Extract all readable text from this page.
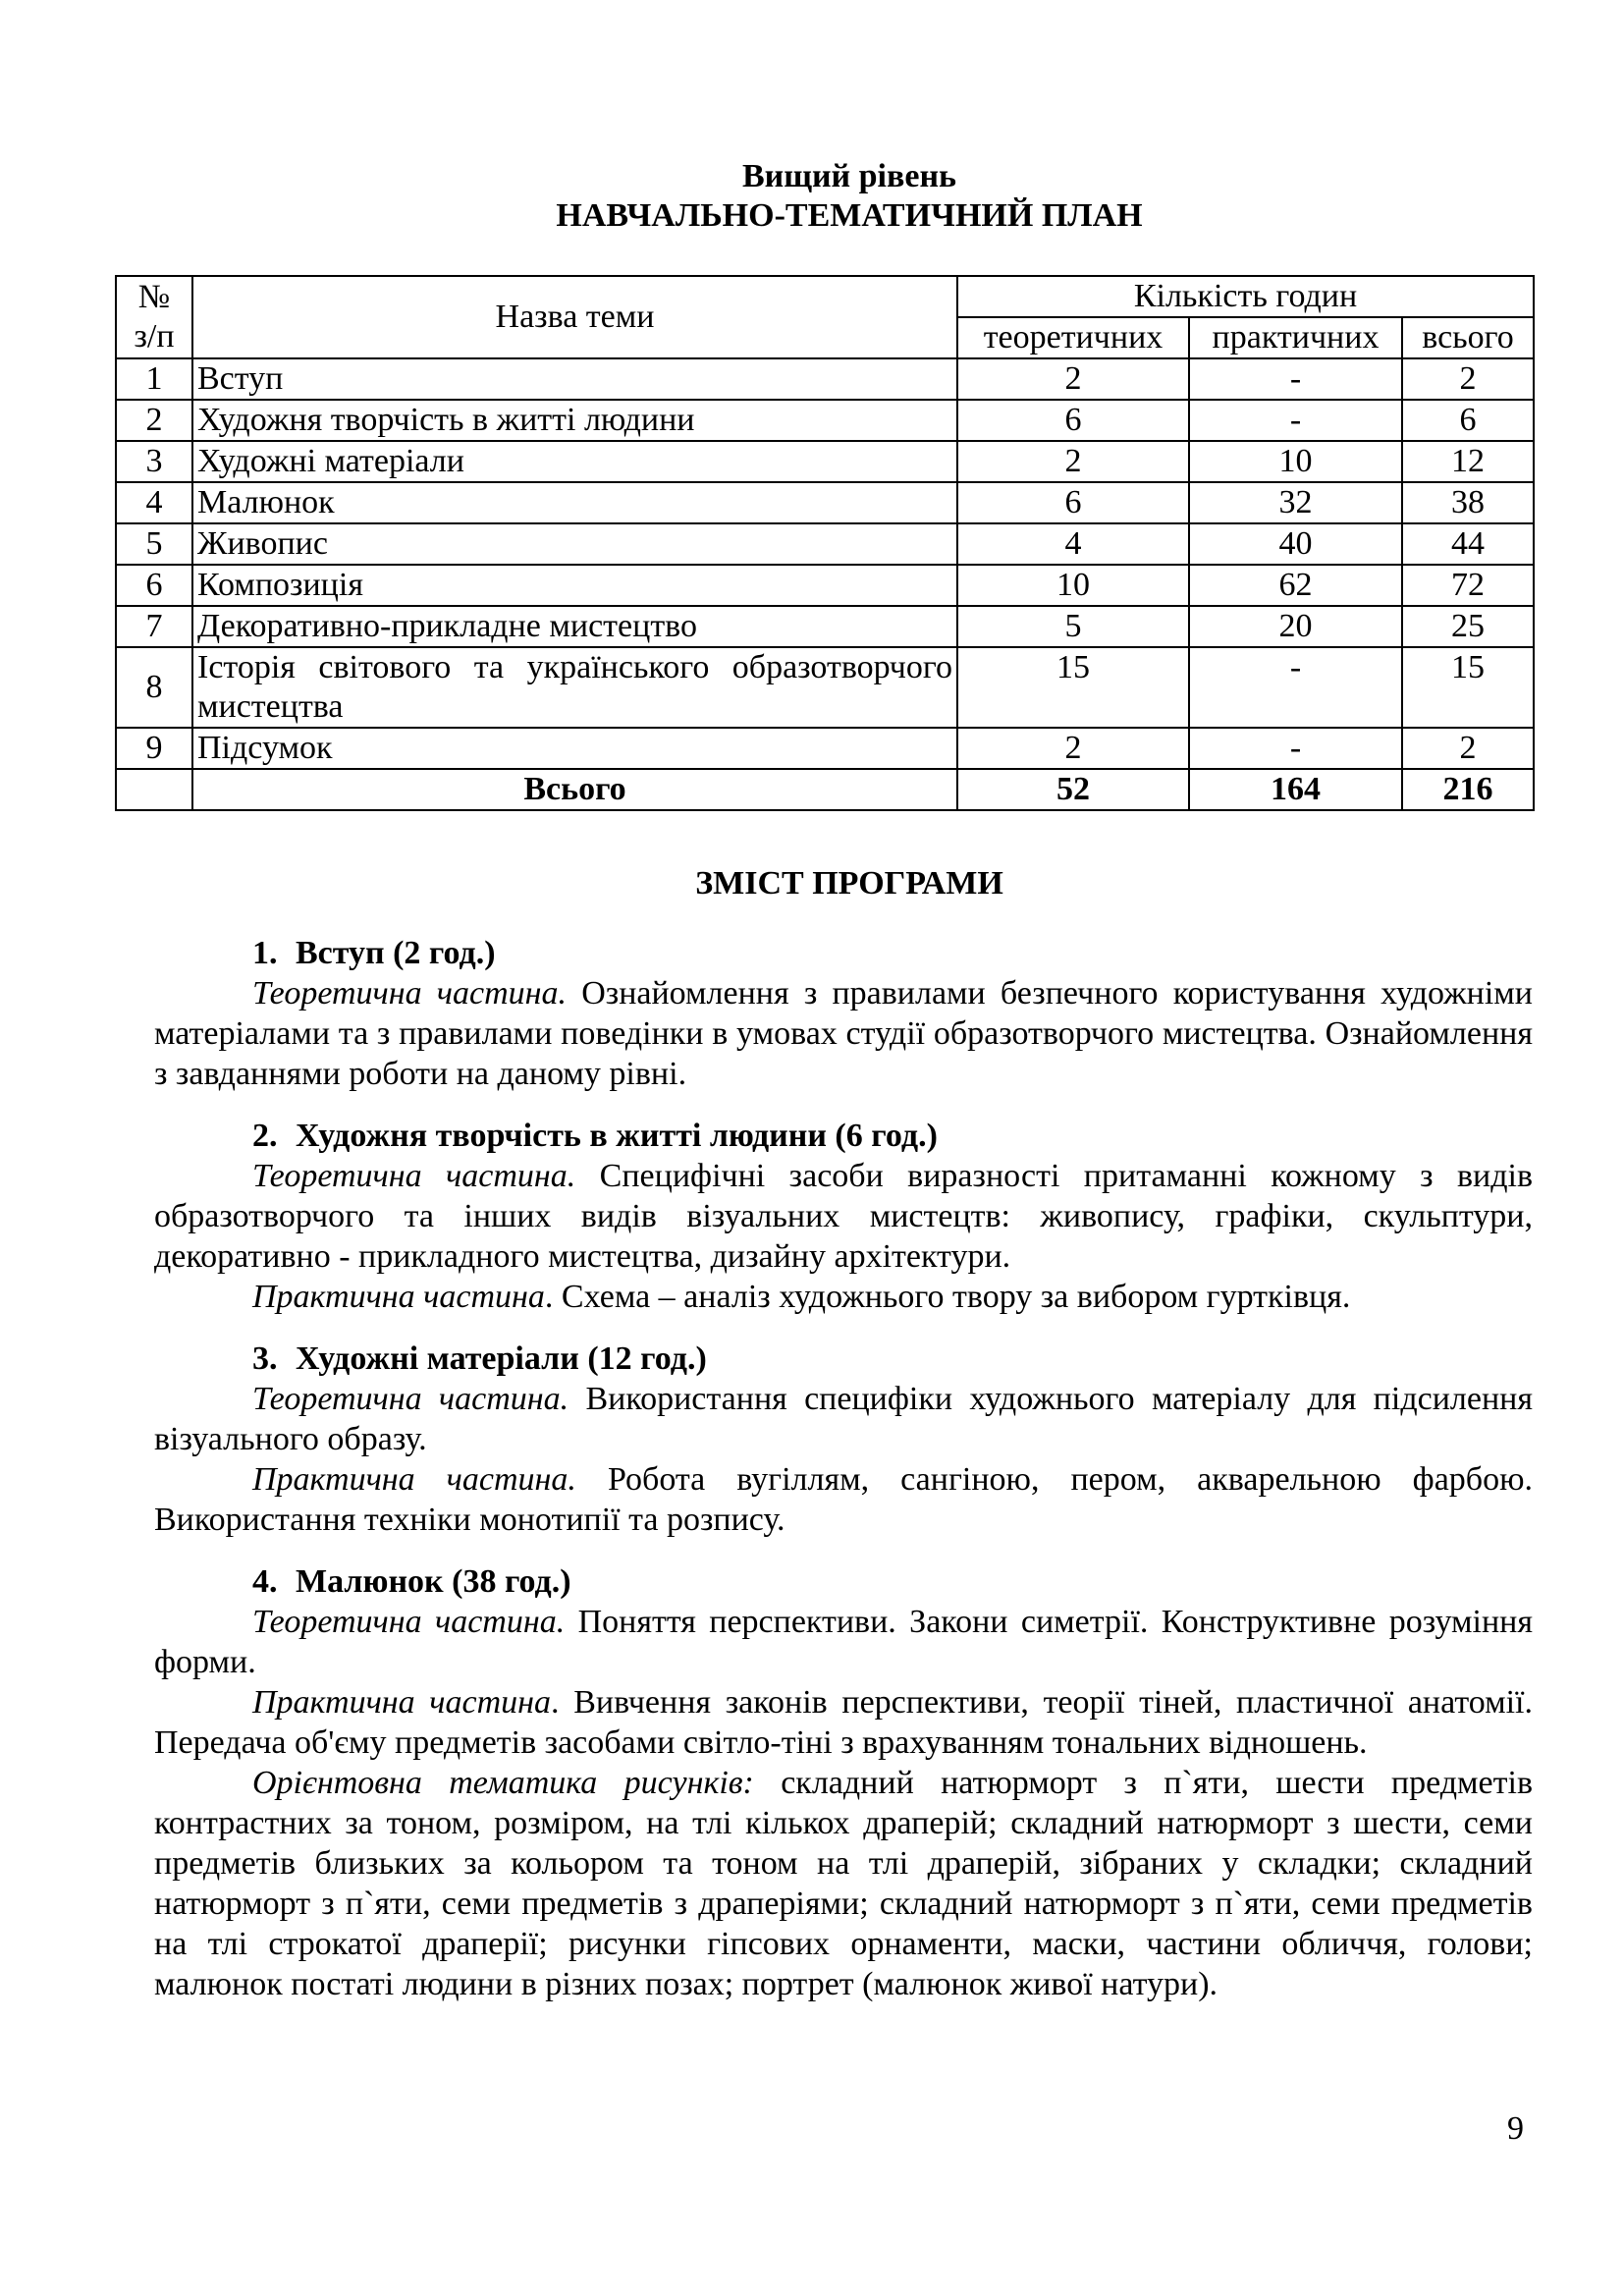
Вищий рівень
НАВЧАЛЬНО-ТЕМАТИЧНИЙ ПЛАН
№
з/п	Назва теми	Кількість годин		
		теоретичних	практичних	всього
1	Вступ	2	-	2
2	Художня творчість в житті людини	6	-	6
3	Художні матеріали	2	10	12
4	Малюнок	6	32	38
5	Живопис	4	40	44
6	Композиція	10	62	72
7	Декоративно-прикладне мистецтво	5	20	25
8	Історія світового та українського образотворчого мистецтва	15	-	15
9	Підсумок	2	-	2
	Всього	52	164	216
ЗМІСТ ПРОГРАМИ

1. Вступ (2 год.)

Теоретична частина. Ознайомлення з правилами безпечного користування художніми матеріалами та з правилами поведінки в умовах студії образотворчого мистецтва. Ознайомлення з завданнями роботи на даному рівні.

2. Художня творчість в житті людини (6 год.)

Теоретична частина. Специфічні засоби виразності притаманні кожному з видів образотворчого та інших видів візуальних мистецтв: живопису, графіки, скульптури, декоративно - прикладного мистецтва, дизайну архітектури.

Практична частина. Схема – аналіз художнього твору за вибором гуртківця.

3. Художні матеріали (12 год.)

Теоретична частина. Використання специфіки художнього матеріалу для підсилення візуального образу.

Практична частина. Робота вугіллям, сангіною, пером, акварельною фарбою. Використання техніки монотипії та розпису.

4. Малюнок (38 год.)

Теоретична частина. Поняття перспективи. Закони симетрії. Конструктивне розуміння форми.

Практична частина. Вивчення законів перспективи, теорії тіней, пластичної анатомії. Передача об'єму предметів засобами світло-тіні з врахуванням тональних відношень.

Орієнтовна тематика рисунків: складний натюрморт з п`яти, шести предметів контрастних за тоном, розміром, на тлі кількох драперій; складний натюрморт з шести, семи предметів близьких за кольором та тоном на тлі драперій, зібраних у складки; складний натюрморт з п`яти, семи предметів з драперіями; складний натюрморт з п`яти, семи предметів на тлі строкатої драперії; рисунки гіпсових орнаменти, маски, частини обличчя, голови; малюнок постаті людини в різних позах; портрет (малюнок живої натури).

9
